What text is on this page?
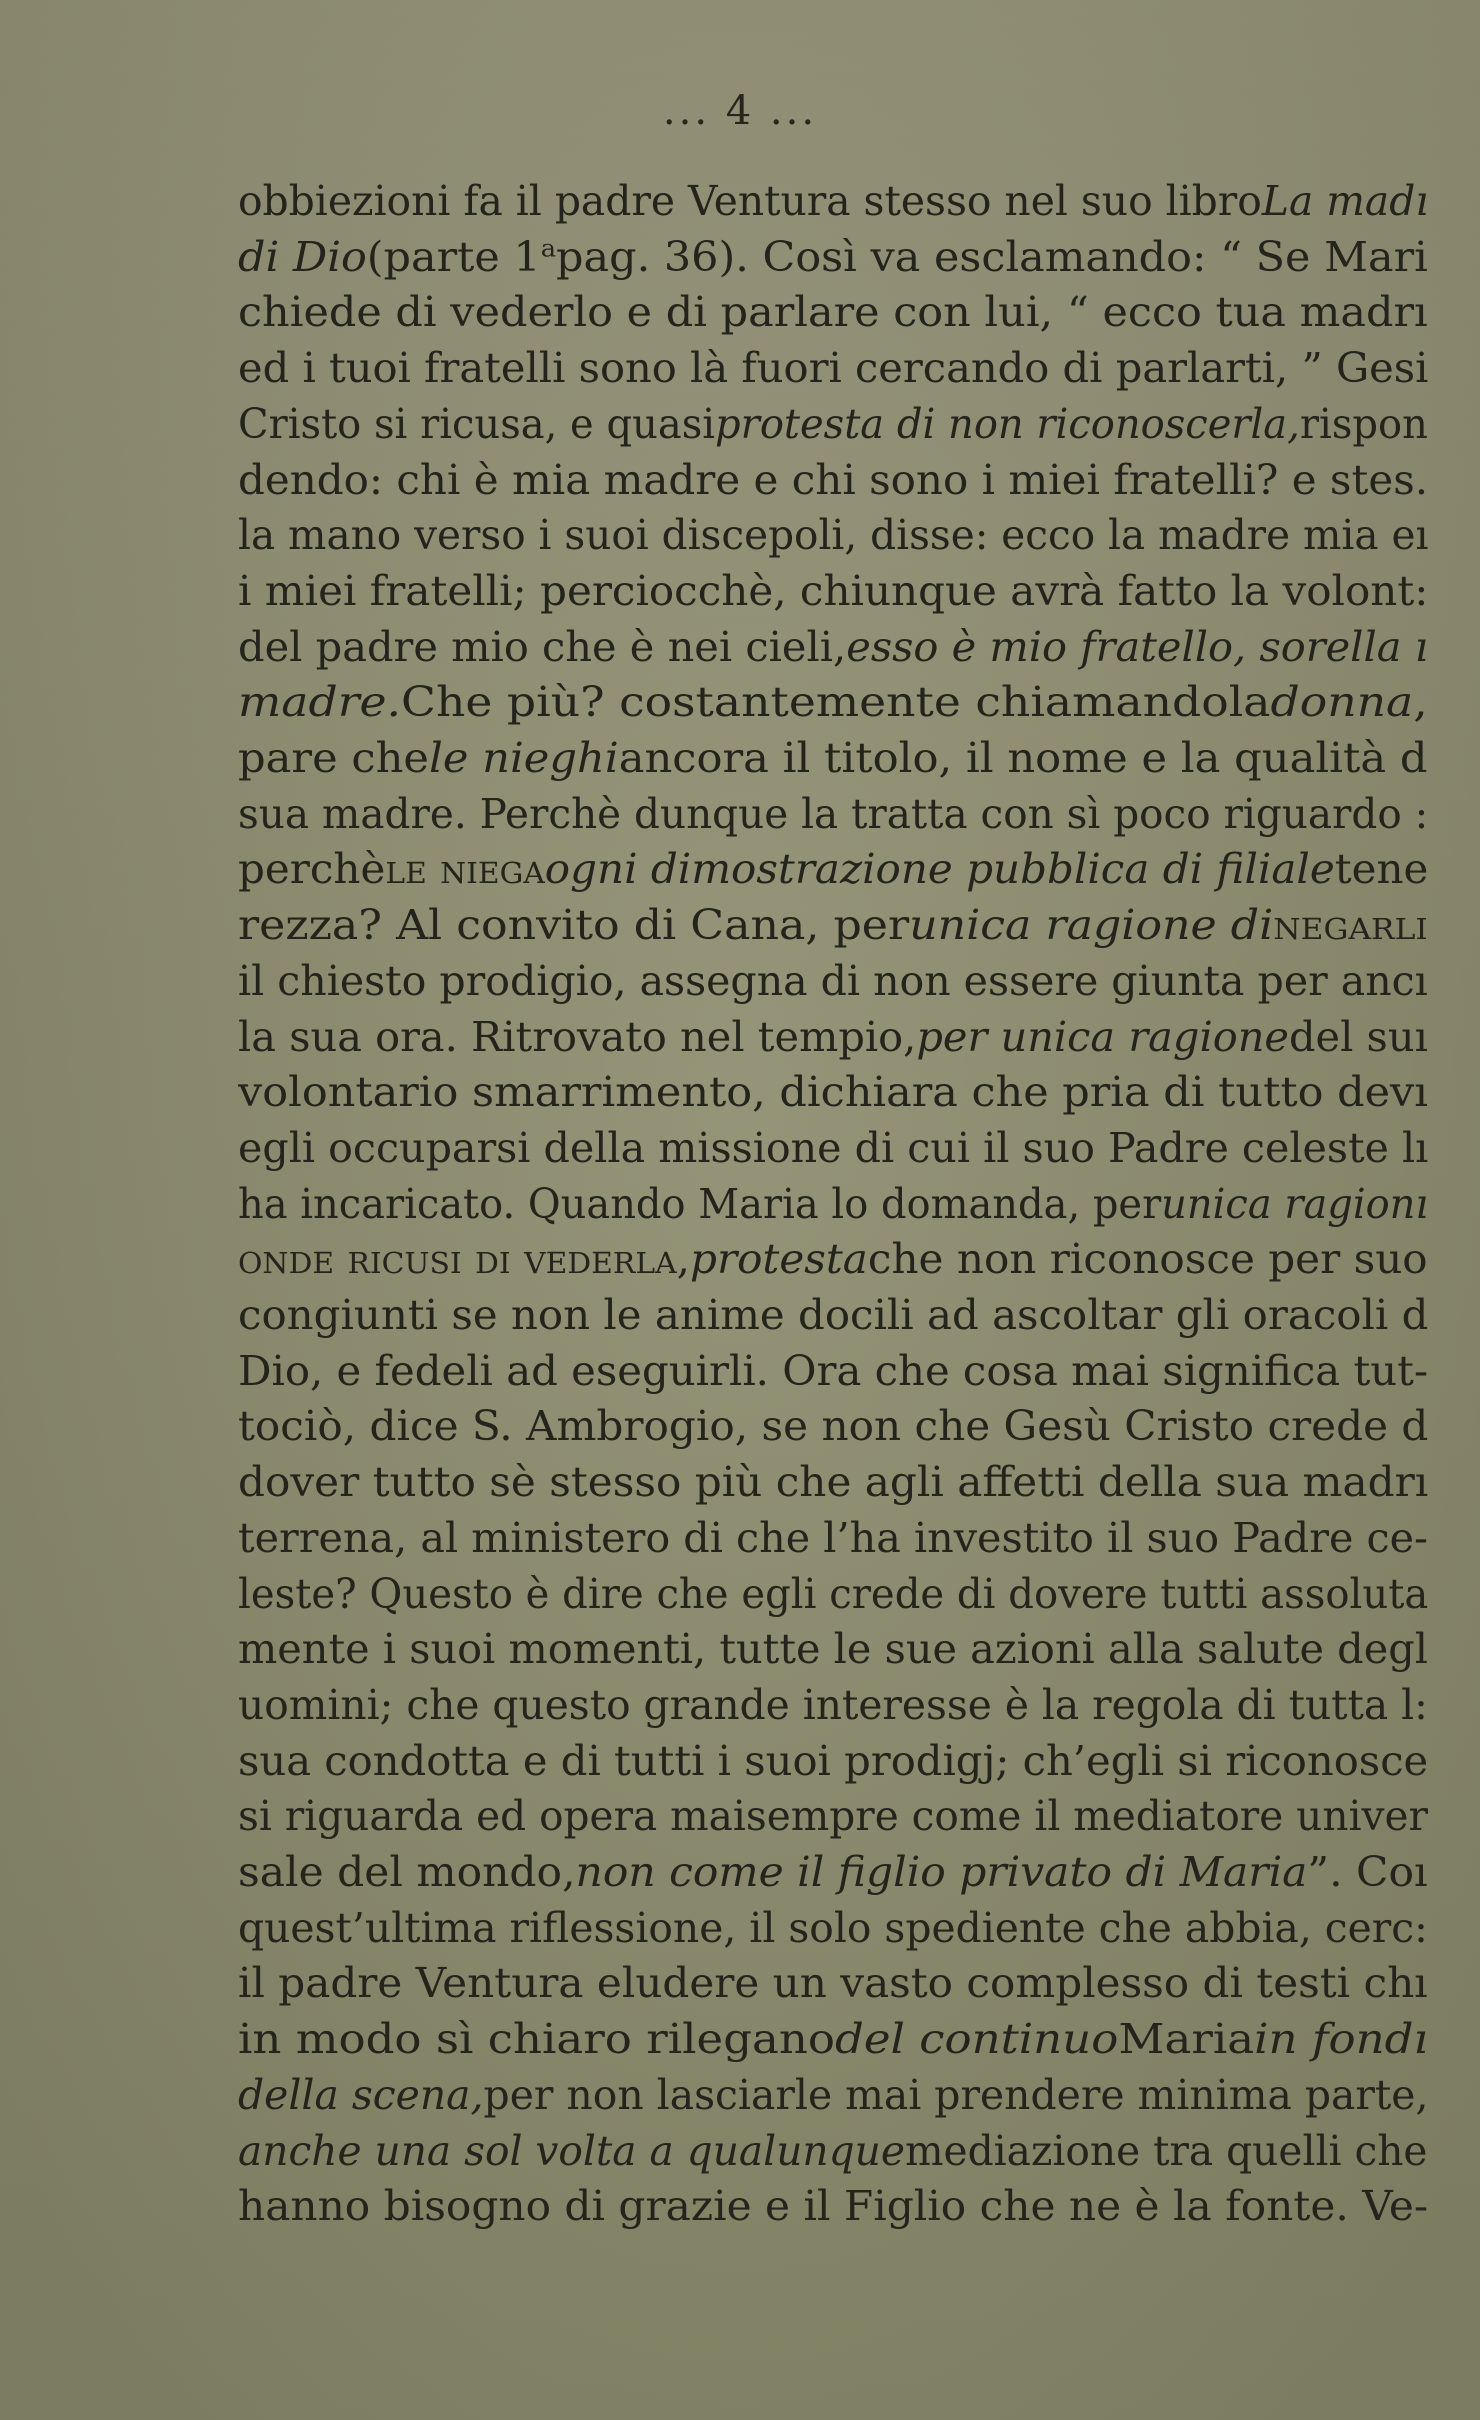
... 4 ...
obbiezioni fa il padre Ventura stesso nel suo libroLa madı
di Dio(parte 1$^a$pag. 36). Così va esclamando: “ Se Mari
chiede di vederlo e di parlare con lui, “ ecco tua madrı
ed i tuoi fratelli sono là fuori cercando di parlarti, ” Gesi
Cristo si ricusa, e quasiprotesta di non riconoscerla,rispon
dendo: chi è mia madre e chi sono i miei fratelli? e stes.
la mano verso i suoi discepoli, disse: ecco la madre mia eı
i miei fratelli; perciocchè, chiunque avrà fatto la volont:
del padre mio che è nei cieli,esso è mio fratello, sorella ı
madre.Che più? costantemente chiamandoladonna,
pare chele nieghiancora il titolo, il nome e la qualità d
sua madre. Perchè dunque la tratta con sì poco riguardo :
perchèle niegaogni dimostrazione pubblica di filialetene
rezza? Al convito di Cana, perunica ragione dinegarlı
il chiesto prodigio, assegna di non essere giunta per ancı
la sua ora. Ritrovato nel tempio,per unica ragionedel suı
volontario smarrimento, dichiara che pria di tutto devı
egli occuparsi della missione di cui il suo Padre celeste lı
ha incaricato. Quando Maria lo domanda, perunica ragionı
onde ricusi di vederla,protestache non riconosce per suo
congiunti se non le anime docili ad ascoltar gli oracoli d
Dio, e fedeli ad eseguirli. Ora che cosa mai significa tut-
tociò, dice S. Ambrogio, se non che Gesù Cristo crede d
dover tutto sè stesso più che agli affetti della sua madrı
terrena, al ministero di che l’ha investito il suo Padre ce-
leste? Questo è dire che egli crede di dovere tutti assoluta
mente i suoi momenti, tutte le sue azioni alla salute degl
uomini; che questo grande interesse è la regola di tutta l:
sua condotta e di tutti i suoi prodigj; ch’egli si riconosce
si riguarda ed opera maisempre come il mediatore univer
sale del mondo,non come il figlio privato di Maria”. Coı
quest’ultima riflessione, il solo spediente che abbia, cerc:
il padre Ventura eludere un vasto complesso di testi chı
in modo sì chiaro rileganodel continuoMariain fondı
della scena,per non lasciarle mai prendere minima parte,
anche una sol volta a qualunquemediazione tra quelli che
hanno bisogno di grazie e il Figlio che ne è la fonte. Ve-
